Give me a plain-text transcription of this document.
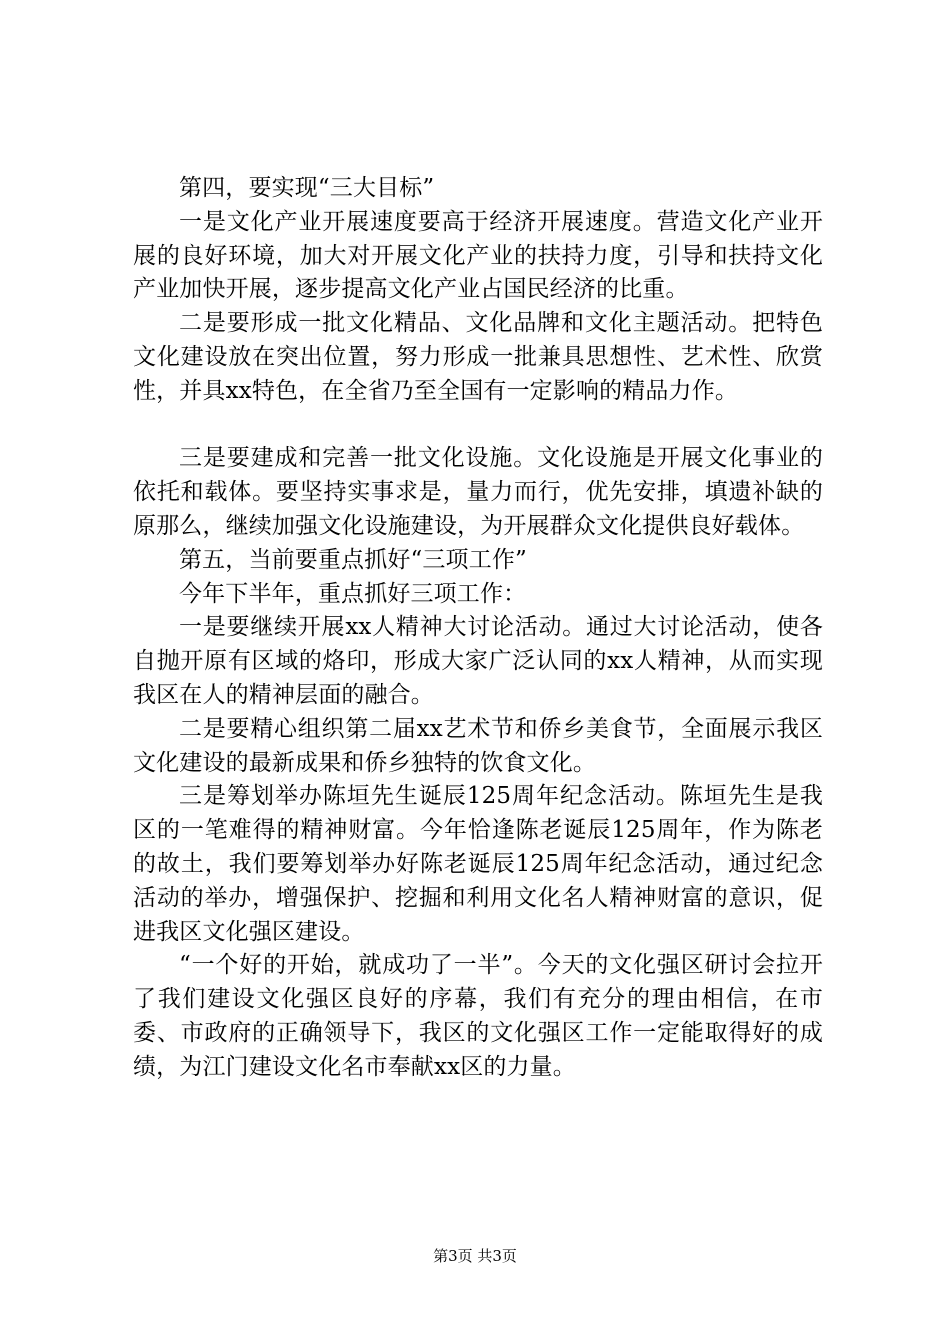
第四，要实现“三大目标”

一是文化产业开展速度要高于经济开展速度。营造文化产业开展的良好环境，加大对开展文化产业的扶持力度，引导和扶持文化产业加快开展，逐步提高文化产业占国民经济的比重。

二是要形成一批文化精品、文化品牌和文化主题活动。把特色文化建设放在突出位置，努力形成一批兼具思想性、艺术性、欣赏性，并具xx特色，在全省乃至全国有一定影响的精品力作。

三是要建成和完善一批文化设施。文化设施是开展文化事业的依托和载体。要坚持实事求是，量力而行，优先安排，填遗补缺的原那么，继续加强文化设施建设，为开展群众文化提供良好载体。

第五，当前要重点抓好“三项工作”

今年下半年，重点抓好三项工作：

一是要继续开展xx人精神大讨论活动。通过大讨论活动，使各自抛开原有区域的烙印，形成大家广泛认同的xx人精神，从而实现我区在人的精神层面的融合。

二是要精心组织第二届xx艺术节和侨乡美食节，全面展示我区文化建设的最新成果和侨乡独特的饮食文化。

三是筹划举办陈垣先生诞辰125周年纪念活动。陈垣先生是我区的一笔难得的精神财富。今年恰逢陈老诞辰125周年，作为陈老的故土，我们要筹划举办好陈老诞辰125周年纪念活动，通过纪念活动的举办，增强保护、挖掘和利用文化名人精神财富的意识，促进我区文化强区建设。

“一个好的开始，就成功了一半”。今天的文化强区研讨会拉开了我们建设文化强区良好的序幕，我们有充分的理由相信，在市委、市政府的正确领导下，我区的文化强区工作一定能取得好的成绩，为江门建设文化名市奉献xx区的力量。

第3页 共3页
